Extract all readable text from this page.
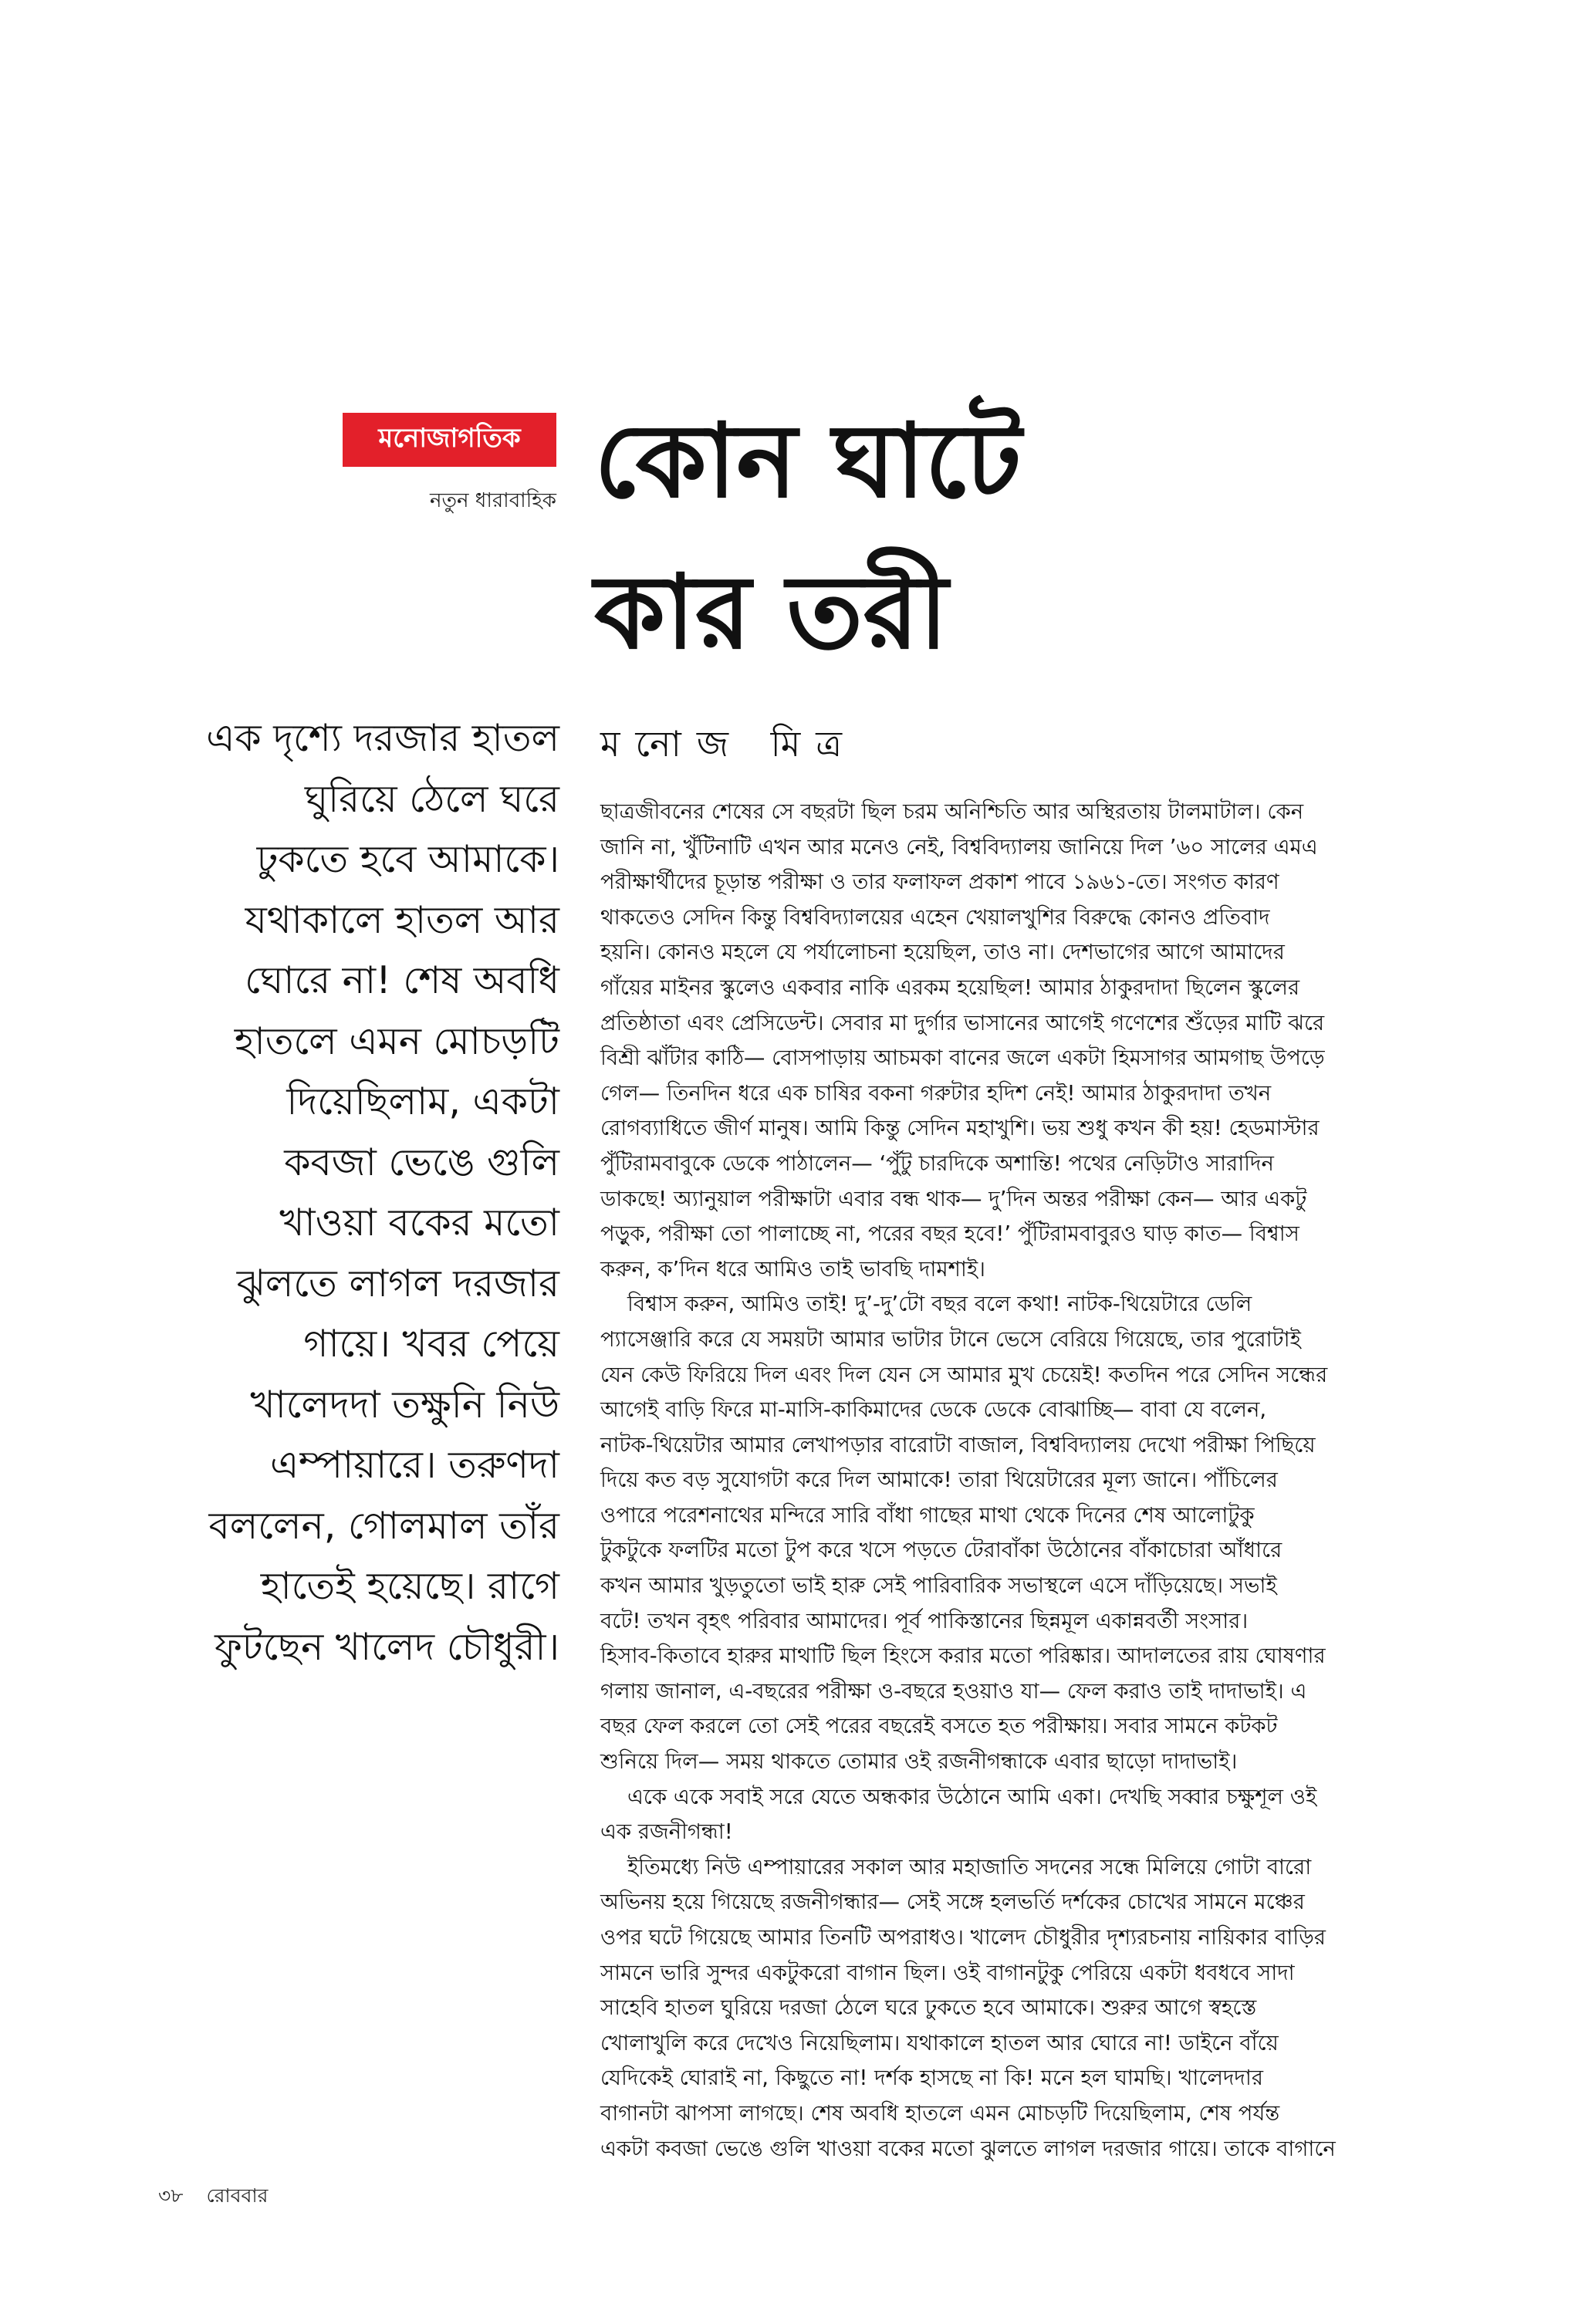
মনোজাগতিক
নতুন ধারাবাহিক কোন ঘাটে
কার তরী
এক দৃশ্যে দরজার হাতল
ঘুরিয়ে ঠেলে ঘরে
ঢুকতে হবে আমাকে।
যথাকালে হাতল আর
ঘোরে না! শেষ অবধি
হাতলে এমন মোচড়টি
দিয়েছিলাম, একটা
কবজা ভেঙে গুলি
খাওয়া বকের মতো
ঝুলতে লাগল দরজার
গায়ে। খবর পেয়ে
খালেদদা তক্ষুনি নিউ
এম্পায়ারে। তরুণদা
বললেন, গোলমাল তাঁর
হাতেই হয়েছে। রাগে
ফুটছেন খালেদ চৌধুরী।
মনোজ মিত্র
ছাত্রজীবনের শেষের সে বছরটা ছিল চরম অনিশ্চিতি আর অস্থিরতায় টালমাটাল। কেন
জানি না, খুঁটিনাটি এখন আর মনেও নেই, বিশ্ববিদ্যালয় জানিয়ে দিল ’৬০ সালের এমএ
পরীক্ষার্থীদের চূড়ান্ত পরীক্ষা ও তার ফলাফল প্রকাশ পাবে ১৯৬১-তে। সংগত কারণ
থাকতেও সেদিন কিন্তু বিশ্ববিদ্যালয়ের এহেন খেয়ালখুশির বিরুদ্ধে কোনও প্রতিবাদ
হয়নি। কোনও মহলে যে পর্যালোচনা হয়েছিল, তাও না। দেশভাগের আগে আমাদের
গাঁয়ের মাইনর স্কুলেও একবার নাকি এরকম হয়েছিল! আমার ঠাকুরদাদা ছিলেন স্কুলের
প্রতিষ্ঠাতা এবং প্রেসিডেন্ট। সেবার মা দুর্গার ভাসানের আগেই গণেশের শুঁড়ের মাটি ঝরে
বিশ্রী ঝাঁটার কাঠি— বোসপাড়ায় আচমকা বানের জলে একটা হিমসাগর আমগাছ উপড়ে
গেল— তিনদিন ধরে এক চাষির বকনা গরুটার হদিশ নেই! আমার ঠাকুরদাদা তখন
রোগব্যাধিতে জীর্ণ মানুষ। আমি কিন্তু সেদিন মহাখুশি। ভয় শুধু কখন কী হয়! হেডমাস্টার
পুঁটিরামবাবুকে ডেকে পাঠালেন— ‘পুঁটু চারদিকে অশান্তি! পথের নেড়িটাও সারাদিন
ডাকছে! অ্যানুয়াল পরীক্ষাটা এবার বন্ধ থাক— দু’দিন অন্তর পরীক্ষা কেন— আর একটু
পড়ুক, পরীক্ষা তো পালাচ্ছে না, পরের বছর হবে!’ পুঁটিরামবাবুরও ঘাড় কাত— বিশ্বাস
করুন, ক’দিন ধরে আমিও তাই ভাবছি দামশাই।
বিশ্বাস করুন, আমিও তাই! দু’-দু’টো বছর বলে কথা! নাটক-থিয়েটারে ডেলি
প্যাসেঞ্জারি করে যে সময়টা আমার ভাটার টানে ভেসে বেরিয়ে গিয়েছে, তার পুরোটাই
যেন কেউ ফিরিয়ে দিল এবং দিল যেন সে আমার মুখ চেয়েই! কতদিন পরে সেদিন সন্ধের
আগেই বাড়ি ফিরে মা-মাসি-কাকিমাদের ডেকে ডেকে বোঝাচ্ছি— বাবা যে বলেন,
নাটক-থিয়েটার আমার লেখাপড়ার বারোটা বাজাল, বিশ্ববিদ্যালয় দেখো পরীক্ষা পিছিয়ে
দিয়ে কত বড় সুযোগটা করে দিল আমাকে! তারা থিয়েটারের মূল্য জানে। পাঁচিলের
ওপারে পরেশনাথের মন্দিরে সারি বাঁধা গাছের মাথা থেকে দিনের শেষ আলোটুকু
টুকটুকে ফলটির মতো টুপ করে খসে পড়তে টেরাবাঁকা উঠোনের বাঁকাচোরা আঁধারে
কখন আমার খুড়তুতো ভাই হারু সেই পারিবারিক সভাস্থলে এসে দাঁড়িয়েছে। সভাই
বটে! তখন বৃহৎ পরিবার আমাদের। পূর্ব পাকিস্তানের ছিন্নমূল একান্নবর্তী সংসার।
হিসাব-কিতাবে হারুর মাথাটি ছিল হিংসে করার মতো পরিষ্কার। আদালতের রায় ঘোষণার
গলায় জানাল, এ-বছরের পরীক্ষা ও-বছরে হওয়াও যা— ফেল করাও তাই দাদাভাই। এ
বছর ফেল করলে তো সেই পরের বছরেই বসতে হত পরীক্ষায়। সবার সামনে কটকট
শুনিয়ে দিল— সময় থাকতে তোমার ওই রজনীগন্ধাকে এবার ছাড়ো দাদাভাই।
একে একে সবাই সরে যেতে অন্ধকার উঠোনে আমি একা। দেখছি সব্বার চক্ষুশূল ওই
এক রজনীগন্ধা!
ইতিমধ্যে নিউ এম্পায়ারের সকাল আর মহাজাতি সদনের সন্ধে মিলিয়ে গোটা বারো
অভিনয় হয়ে গিয়েছে রজনীগন্ধার— সেই সঙ্গে হলভর্তি দর্শকের চোখের সামনে মঞ্চের
ওপর ঘটে গিয়েছে আমার তিনটি অপরাধও। খালেদ চৌধুরীর দৃশ্যরচনায় নায়িকার বাড়ির
সামনে ভারি সুন্দর একটুকরো বাগান ছিল। ওই বাগানটুকু পেরিয়ে একটা ধবধবে সাদা
সাহেবি হাতল ঘুরিয়ে দরজা ঠেলে ঘরে ঢুকতে হবে আমাকে। শুরুর আগে স্বহস্তে
খোলাখুলি করে দেখেও নিয়েছিলাম। যথাকালে হাতল আর ঘোরে না! ডাইনে বাঁয়ে
যেদিকেই ঘোরাই না, কিছুতে না! দর্শক হাসছে না কি! মনে হল ঘামছি। খালেদদার
বাগানটা ঝাপসা লাগছে। শেষ অবধি হাতলে এমন মোচড়টি দিয়েছিলাম, শেষ পর্যন্ত
একটা কবজা ভেঙে গুলি খাওয়া বকের মতো ঝুলতে লাগল দরজার গায়ে। তাকে বাগানে
৩৮ রোববার
